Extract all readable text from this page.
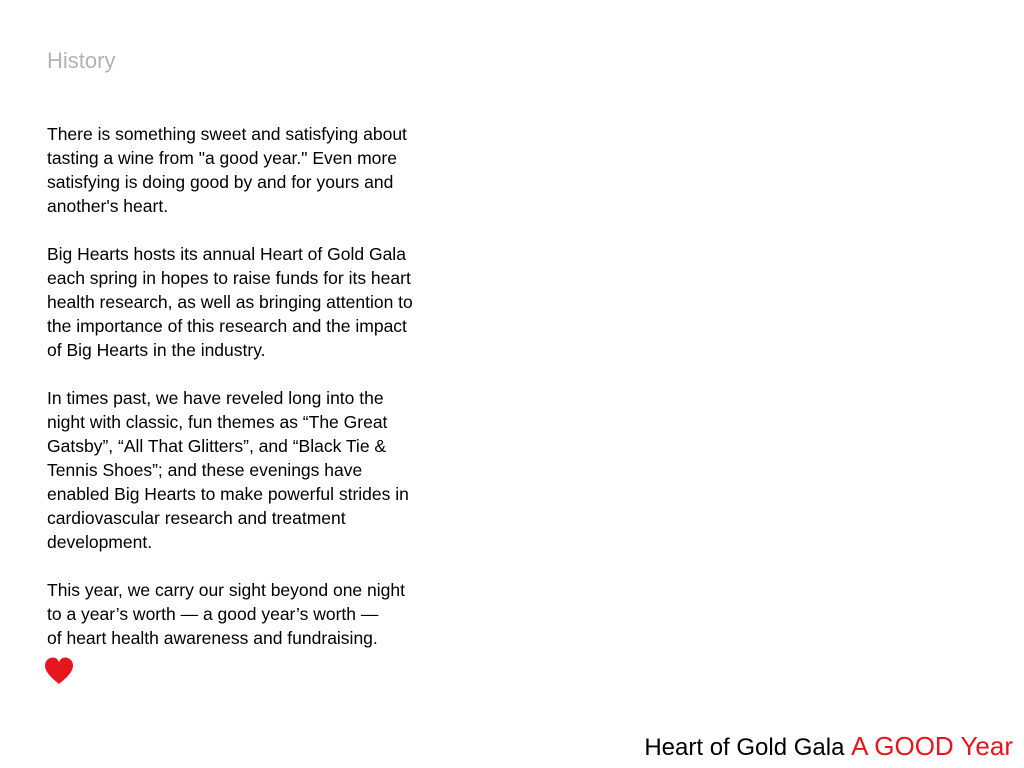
History

There is something sweet and satisfying about
tasting a wine from "a good year." Even more
satisfying is doing good by and for yours and
another's heart.

Big Hearts hosts its annual Heart of Gold Gala
each spring in hopes to raise funds for its heart
health research, as well as bringing attention to
the importance of this research and the impact
of Big Hearts in the industry.

In times past, we have reveled long into the
night with classic, fun themes as “The Great
Gatsby”, “All That Glitters”, and “Black Tie &
Tennis Shoes”; and these evenings have
enabled Big Hearts to make powerful strides in
cardiovascular research and treatment
development.

This year, we carry our sight beyond one night
to a year’s worth — a good year’s worth —
of heart health awareness and fundraising.

Heart of Gold Gala A GOOD Year
